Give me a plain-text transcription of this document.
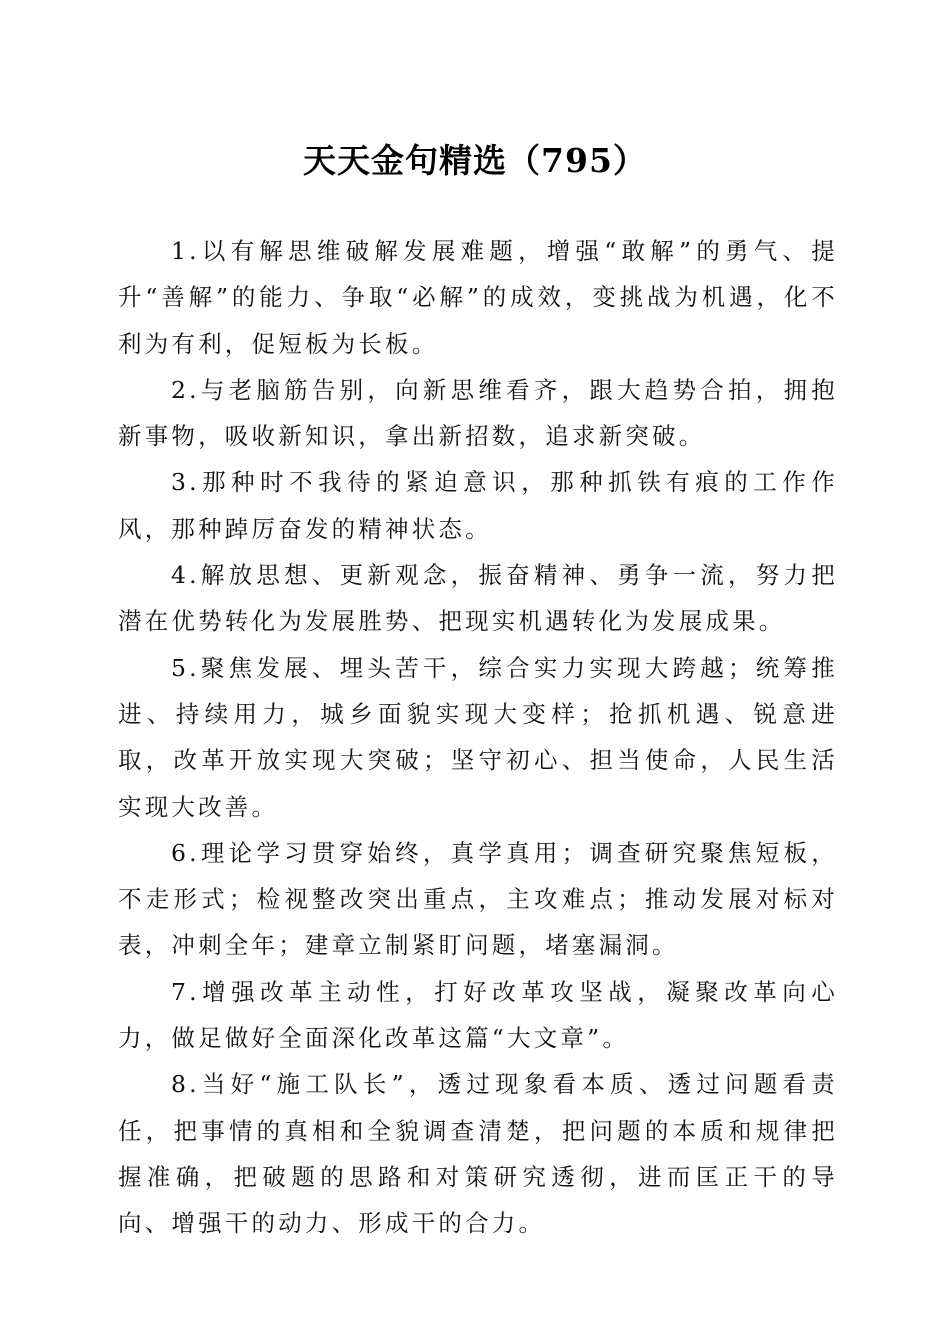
天天金句精选（795）

1.以有解思维破解发展难题，增强“敢解”的勇气、提升“善解”的能力、争取“必解”的成效，变挑战为机遇，化不利为有利，促短板为长板。

2.与老脑筋告别，向新思维看齐，跟大趋势合拍，拥抱新事物，吸收新知识，拿出新招数，追求新突破。

3.那种时不我待的紧迫意识，那种抓铁有痕的工作作风，那种踔厉奋发的精神状态。

4.解放思想、更新观念，振奋精神、勇争一流，努力把潜在优势转化为发展胜势、把现实机遇转化为发展成果。

5.聚焦发展、埋头苦干，综合实力实现大跨越；统筹推进、持续用力，城乡面貌实现大变样；抢抓机遇、锐意进取，改革开放实现大突破；坚守初心、担当使命，人民生活实现大改善。

6.理论学习贯穿始终，真学真用；调查研究聚焦短板，不走形式；检视整改突出重点，主攻难点；推动发展对标对表，冲刺全年；建章立制紧盯问题，堵塞漏洞。

7.增强改革主动性，打好改革攻坚战，凝聚改革向心力，做足做好全面深化改革这篇“大文章”。

8.当好“施工队长”，透过现象看本质、透过问题看责任，把事情的真相和全貌调查清楚，把问题的本质和规律把握准确，把破题的思路和对策研究透彻，进而匡正干的导向、增强干的动力、形成干的合力。
